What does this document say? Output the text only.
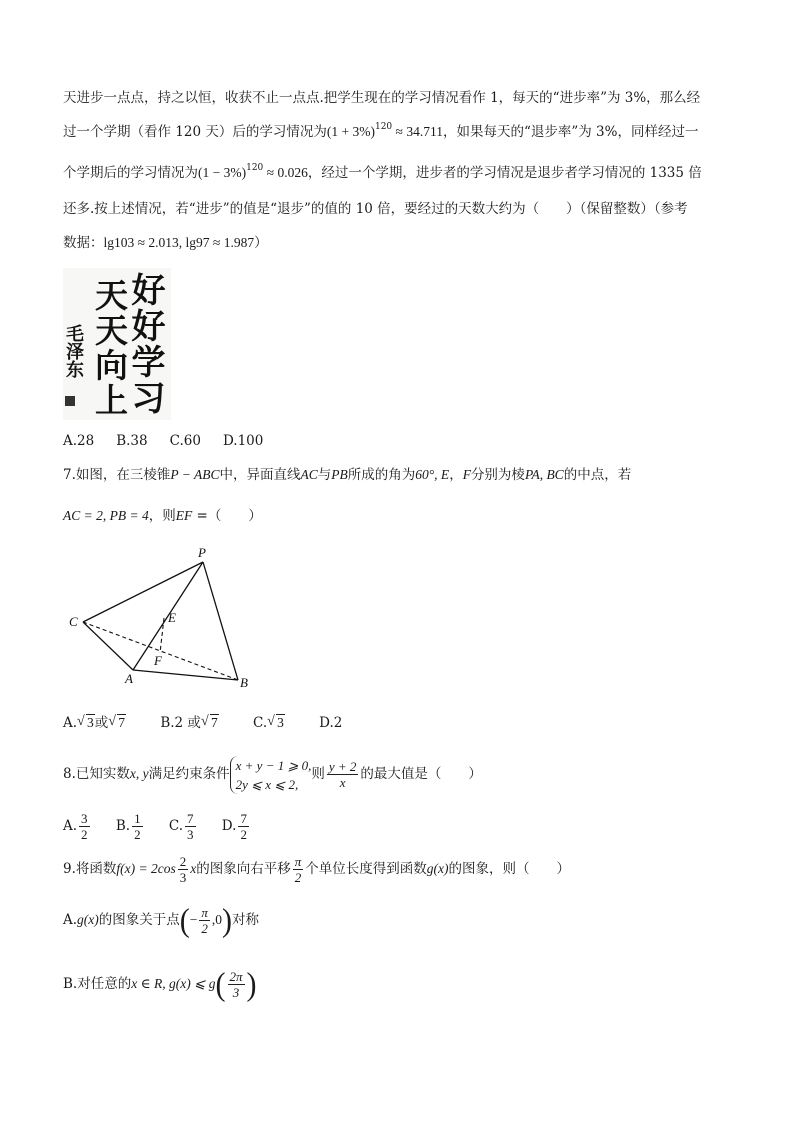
天进步一点点，持之以恒，收获不止一点点.把学生现在的学习情况看作 1，每天的“进步率”为 3%，那么经
过一个学期（看作 120 天）后的学习情况为$(1 + 3\%)^{120} \approx 34.711$，如果每天的“退步率”为 3%，同样经过一
个学期后的学习情况为$(1 - 3\%)^{120} \approx 0.026$，经过一个学期，进步者的学习情况是退步者学习情况的 1335 倍
还多.按上述情况，若“进步”的值是“退步”的值的 10 倍，要经过的天数大约为（　　）（保留整数）（参考
数据：lg103 ≈ 2.013, lg97 ≈ 1.987）
好好学习
天天向上
毛泽东
A.28 B.38 C.60 D.100
7.如图，在三棱锥P − ABC中，异面直线AC与PB所成的角为60°, E，F分别为棱PA, BC的中点，若
AC = 2, PB = 4，则EF =（　　）
P
C	E
F
A	B
A. √ 3或 √ 7	B.2 或 √ 7	C. √ 3	D.2
8.已知实数x, y满足约束条件
x + y − 1 ⩾ 0,
2y ⩽ x ⩽ 2,
则 $\frac{y + 2}{x}$ 的最大值是（　　）
A. $\frac{3}{2} B$. $\frac{1}{2} C$. $\frac{7}{3} D$. $\frac{7}{2}$
9.将函数$f(x) = 2\cos \frac{2}{3}$ x的图象向右平移 $\frac{\pi}{2}$ 个单位长度得到函数g(x)的图象，则（　　）
A.g(x)的图象关于点(− $\frac{\pi}{2} ,0$)对称
B.对任意的x ∈ R, g(x) ⩽ $g( \frac{2\pi}{3}$ )
